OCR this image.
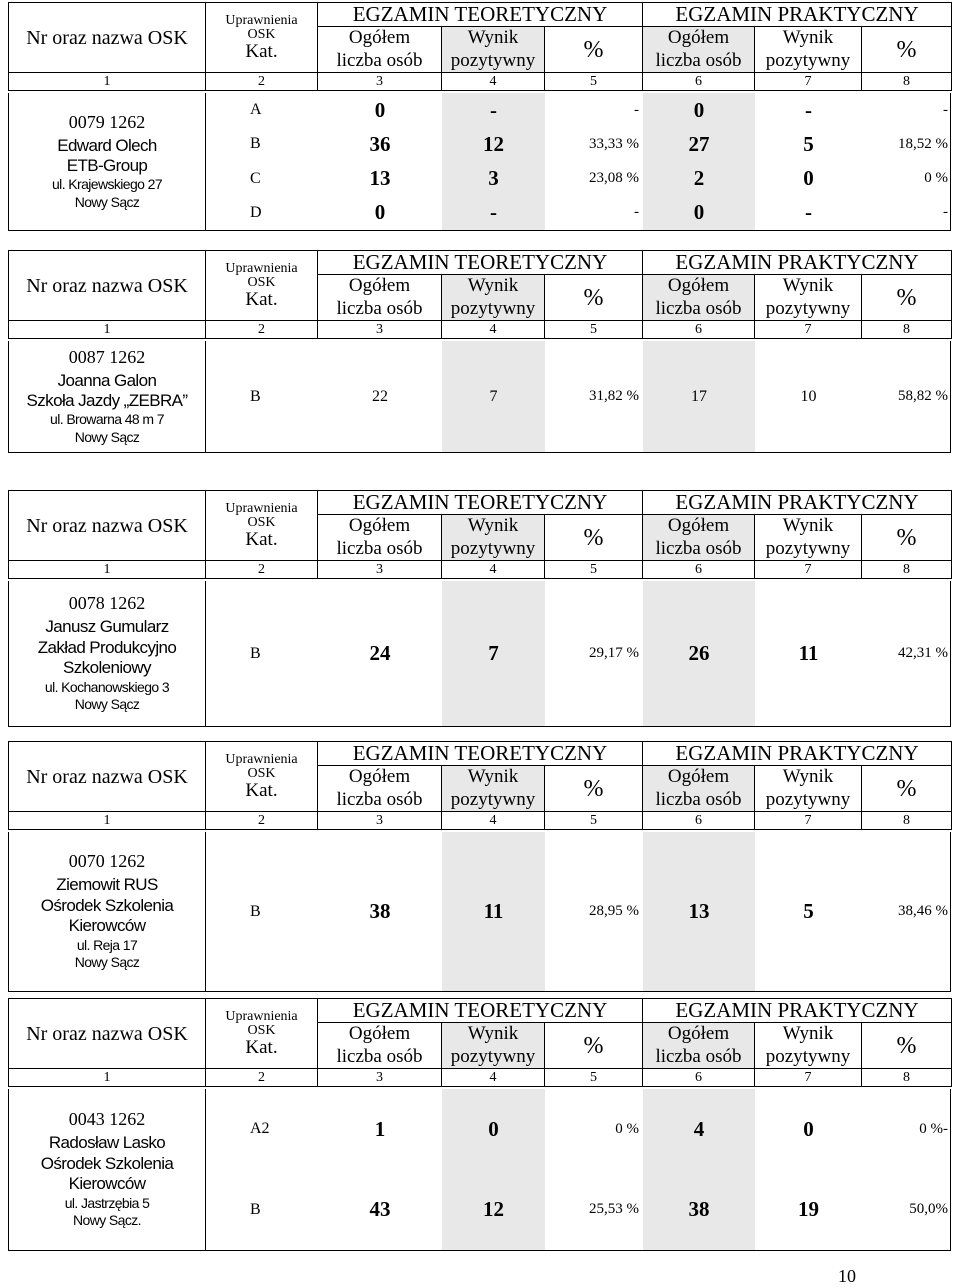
Nr oraz nazwa OSK	Uprawnienia
OSK
Kat.	EGZAMIN TEORETYCZNY			EGZAMIN PRAKTYCZNY		
		Ogółem	Wynik	%	Ogółem	Wynik	%
		liczba osób	pozytywny		liczba osób	pozytywny	
1	2	3	4	5	6	7	8
0079 1262
Edward Olech
ETB-Group
ul. Krajewskiego 27
Nowy Sącz
A	0	-	-	0	-	-
B	36	12	33,33 %	27	5	18,52 %
C	13	3	23,08 %	2	0	0 %
D	0	-	-	0	-	-
Nr oraz nazwa OSK	Uprawnienia
OSK
Kat.	EGZAMIN TEORETYCZNY			EGZAMIN PRAKTYCZNY		
		Ogółem	Wynik	%	Ogółem	Wynik	%
		liczba osób	pozytywny		liczba osób	pozytywny	
1	2	3	4	5	6	7	8
0087 1262
Joanna Galon
Szkoła Jazdy „ZEBRA”
ul. Browarna 48 m 7
Nowy Sącz
B	22	7	31,82 %	17	10	58,82 %
Nr oraz nazwa OSK	Uprawnienia
OSK
Kat.	EGZAMIN TEORETYCZNY			EGZAMIN PRAKTYCZNY		
		Ogółem	Wynik	%	Ogółem	Wynik	%
		liczba osób	pozytywny		liczba osób	pozytywny	
1	2	3	4	5	6	7	8
0078 1262
Janusz Gumularz
Zakład Produkcyjno
Szkoleniowy
ul. Kochanowskiego 3
Nowy Sącz
B	24	7	29,17 %	26	11	42,31 %
Nr oraz nazwa OSK	Uprawnienia
OSK
Kat.	EGZAMIN TEORETYCZNY			EGZAMIN PRAKTYCZNY		
		Ogółem	Wynik	%	Ogółem	Wynik	%
		liczba osób	pozytywny		liczba osób	pozytywny	
1	2	3	4	5	6	7	8
0070 1262
Ziemowit RUS
Ośrodek Szkolenia
Kierowców
ul. Reja 17
Nowy Sącz
B	38	11	28,95 %	13	5	38,46 %
Nr oraz nazwa OSK	Uprawnienia
OSK
Kat.	EGZAMIN TEORETYCZNY			EGZAMIN PRAKTYCZNY		
		Ogółem	Wynik	%	Ogółem	Wynik	%
		liczba osób	pozytywny		liczba osób	pozytywny	
1	2	3	4	5	6	7	8
0043 1262
Radosław Lasko
Ośrodek Szkolenia
Kierowców
ul. Jastrzębia 5
Nowy Sącz.
A2	1	0	0 %	4	0	0 %-
B	43	12	25,53 %	38	19	50,0%
10
